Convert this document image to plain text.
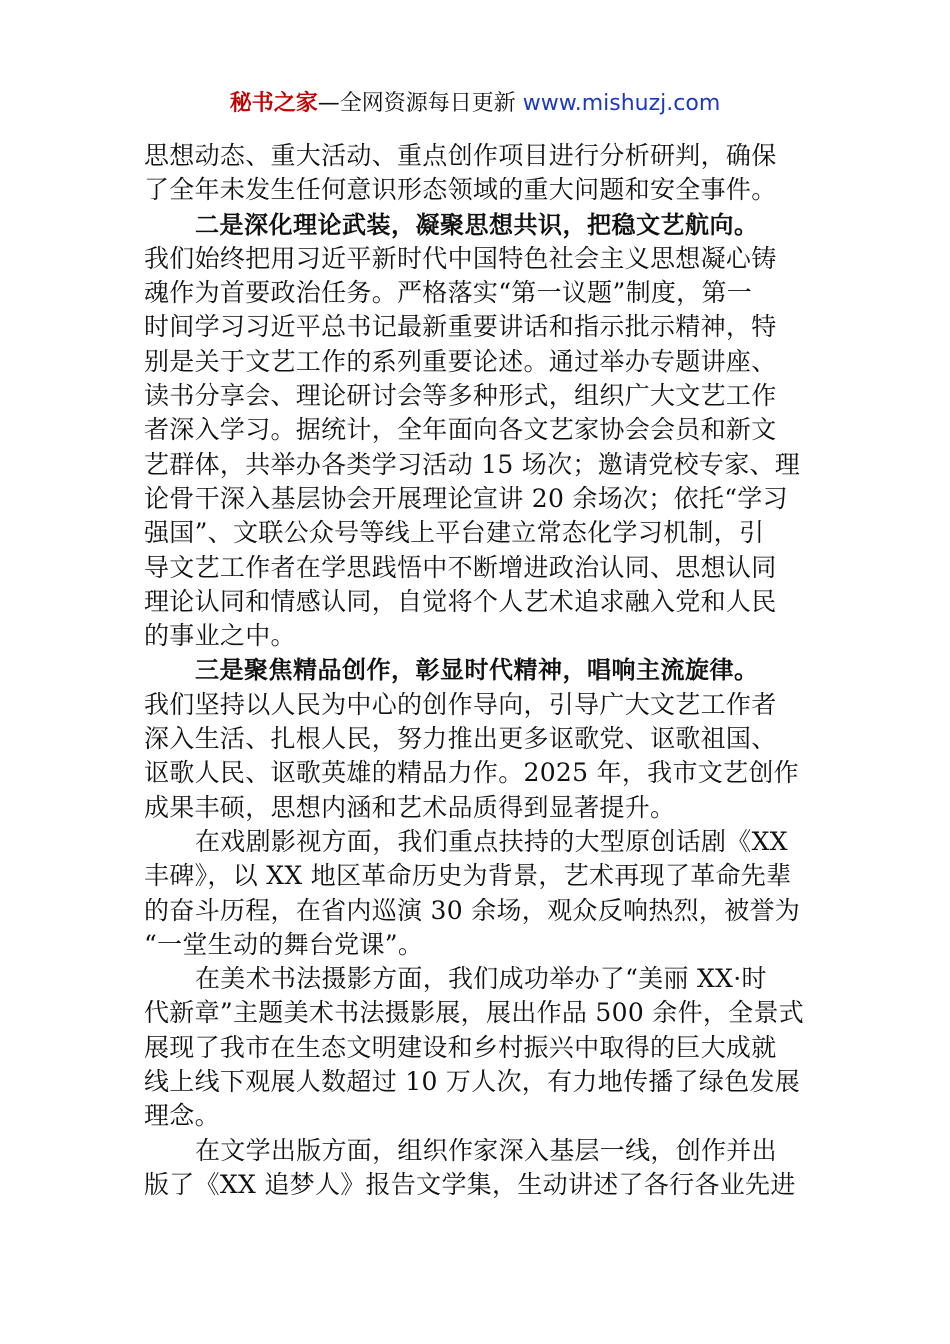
秘书之家—全网资源每日更新 www.mishuzj.com
思想动态、重大活动、重点创作项目进行分析研判，确保
了全年未发生任何意识形态领域的重大问题和安全事件。
二是深化理论武装，凝聚思想共识，把稳文艺航向。
我们始终把用习近平新时代中国特色社会主义思想凝心铸
魂作为首要政治任务。严格落实“第一议题”制度，第一
时间学习习近平总书记最新重要讲话和指示批示精神，特
别是关于文艺工作的系列重要论述。通过举办专题讲座、
读书分享会、理论研讨会等多种形式，组织广大文艺工作
者深入学习。据统计，全年面向各文艺家协会会员和新文
艺群体，共举办各类学习活动 15 场次；邀请党校专家、理
论骨干深入基层协会开展理论宣讲 20 余场次；依托“学习
强国”、文联公众号等线上平台建立常态化学习机制，引
导文艺工作者在学思践悟中不断增进政治认同、思想认同
理论认同和情感认同，自觉将个人艺术追求融入党和人民
的事业之中。
三是聚焦精品创作，彰显时代精神，唱响主流旋律。
我们坚持以人民为中心的创作导向，引导广大文艺工作者
深入生活、扎根人民，努力推出更多讴歌党、讴歌祖国、
讴歌人民、讴歌英雄的精品力作。2025 年，我市文艺创作
成果丰硕，思想内涵和艺术品质得到显著提升。
在戏剧影视方面，我们重点扶持的大型原创话剧《XX
丰碑》，以 XX 地区革命历史为背景，艺术再现了革命先辈
的奋斗历程，在省内巡演 30 余场，观众反响热烈，被誉为
“一堂生动的舞台党课”。
在美术书法摄影方面，我们成功举办了“美丽 XX·时
代新章”主题美术书法摄影展，展出作品 500 余件，全景式
展现了我市在生态文明建设和乡村振兴中取得的巨大成就
线上线下观展人数超过 10 万人次，有力地传播了绿色发展
理念。
在文学出版方面，组织作家深入基层一线，创作并出
版了《XX 追梦人》报告文学集，生动讲述了各行各业先进
